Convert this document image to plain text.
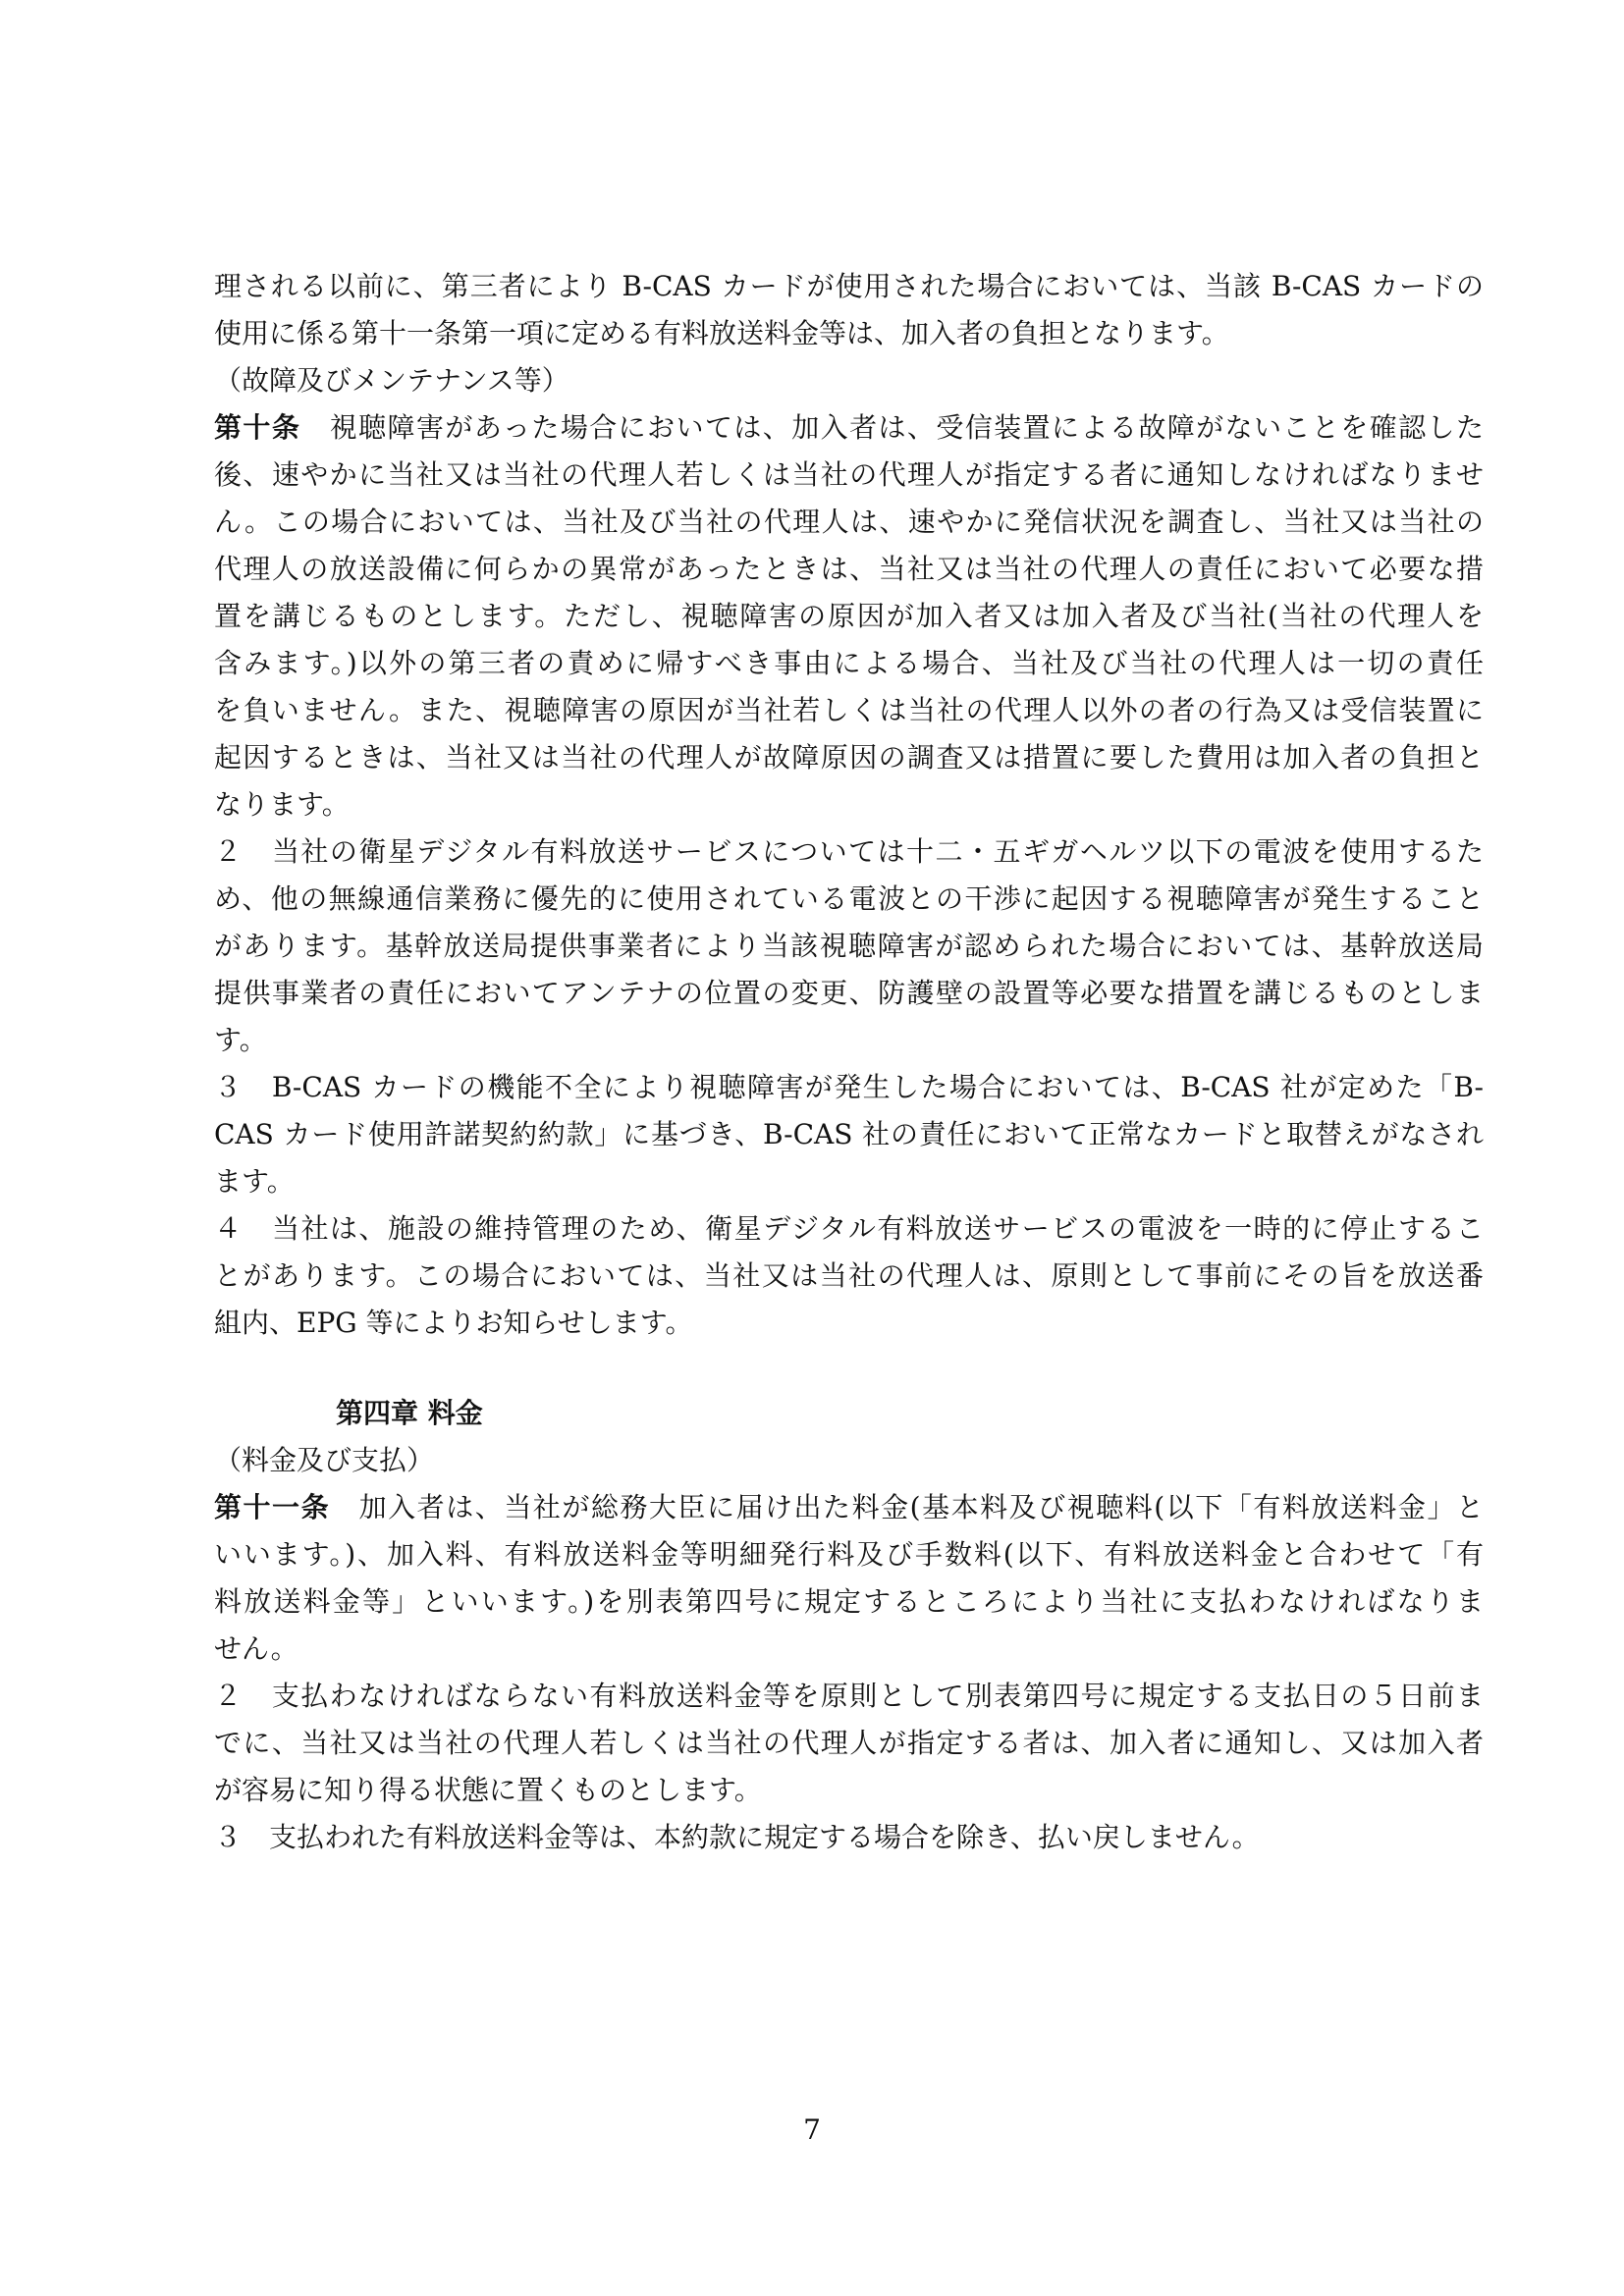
理される以前に、第三者により B-CAS カードが使用された場合においては、当該 B-CAS カードの
使用に係る第十一条第一項に定める有料放送料金等は、加入者の負担となります。
（故障及びメンテナンス等）
第十条　視聴障害があった場合においては、加入者は、受信装置による故障がないことを確認した
後、速やかに当社又は当社の代理人若しくは当社の代理人が指定する者に通知しなければなりませ
ん。この場合においては、当社及び当社の代理人は、速やかに発信状況を調査し、当社又は当社の
代理人の放送設備に何らかの異常があったときは、当社又は当社の代理人の責任において必要な措
置を講じるものとします。ただし、視聴障害の原因が加入者又は加入者及び当社(当社の代理人を
含みます。)以外の第三者の責めに帰すべき事由による場合、当社及び当社の代理人は一切の責任
を負いません。また、視聴障害の原因が当社若しくは当社の代理人以外の者の行為又は受信装置に
起因するときは、当社又は当社の代理人が故障原因の調査又は措置に要した費用は加入者の負担と
なります。
２　当社の衛星デジタル有料放送サービスについては十二・五ギガヘルツ以下の電波を使用するた
め、他の無線通信業務に優先的に使用されている電波との干渉に起因する視聴障害が発生すること
があります。基幹放送局提供事業者により当該視聴障害が認められた場合においては、基幹放送局
提供事業者の責任においてアンテナの位置の変更、防護壁の設置等必要な措置を講じるものとしま
す。
３　B-CAS カードの機能不全により視聴障害が発生した場合においては、B-CAS 社が定めた「B-
CAS カード使用許諾契約約款」に基づき、B-CAS 社の責任において正常なカードと取替えがなされ
ます。
４　当社は、施設の維持管理のため、衛星デジタル有料放送サービスの電波を一時的に停止するこ
とがあります。この場合においては、当社又は当社の代理人は、原則として事前にその旨を放送番
組内、EPG 等によりお知らせします。
第四章 料金
（料金及び支払）
第十一条　加入者は、当社が総務大臣に届け出た料金(基本料及び視聴料(以下「有料放送料金」と
いいます。)、加入料、有料放送料金等明細発行料及び手数料(以下、有料放送料金と合わせて「有
料放送料金等」といいます。)を別表第四号に規定するところにより当社に支払わなければなりま
せん。
２　支払わなければならない有料放送料金等を原則として別表第四号に規定する支払日の５日前ま
でに、当社又は当社の代理人若しくは当社の代理人が指定する者は、加入者に通知し、又は加入者
が容易に知り得る状態に置くものとします。
３　支払われた有料放送料金等は、本約款に規定する場合を除き、払い戻しません。
7
